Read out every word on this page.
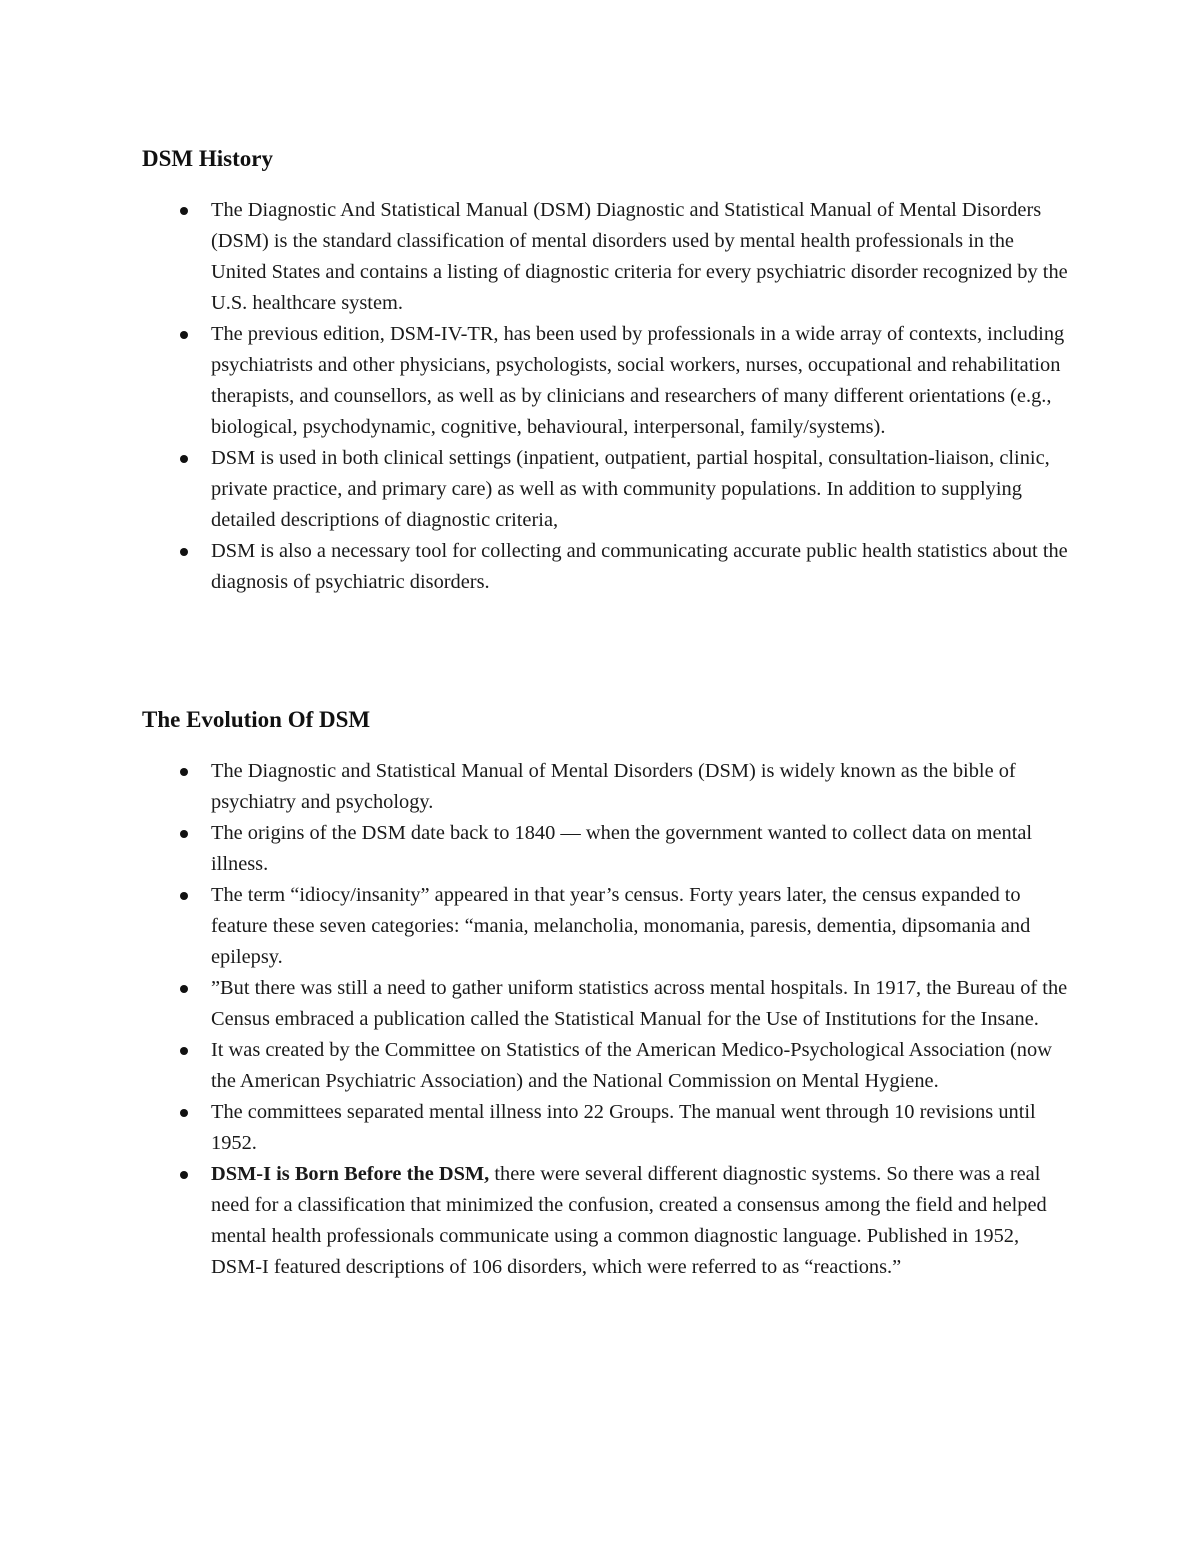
DSM History
The Diagnostic And Statistical Manual (DSM) Diagnostic and Statistical Manual of Mental Disorders (DSM) is the standard classification of mental disorders used by mental health professionals in the United States and contains a listing of diagnostic criteria for every psychiatric disorder recognized by the U.S. healthcare system.
The previous edition, DSM-IV-TR, has been used by professionals in a wide array of contexts, including psychiatrists and other physicians, psychologists, social workers, nurses, occupational and rehabilitation therapists, and counsellors, as well as by clinicians and researchers of many different orientations (e.g., biological, psychodynamic, cognitive, behavioural, interpersonal, family/systems).
DSM is used in both clinical settings (inpatient, outpatient, partial hospital, consultation-liaison, clinic, private practice, and primary care) as well as with community populations. In addition to supplying detailed descriptions of diagnostic criteria,
DSM is also a necessary tool for collecting and communicating accurate public health statistics about the diagnosis of psychiatric disorders.
The Evolution Of DSM
The Diagnostic and Statistical Manual of Mental Disorders (DSM) is widely known as the bible of psychiatry and psychology.
The origins of the DSM date back to 1840 — when the government wanted to collect data on mental illness.
The term “idiocy/insanity” appeared in that year’s census. Forty years later, the census expanded to feature these seven categories: “mania, melancholia, monomania, paresis, dementia, dipsomania and epilepsy.
”But there was still a need to gather uniform statistics across mental hospitals. In 1917, the Bureau of the Census embraced a publication called the Statistical Manual for the Use of Institutions for the Insane.
It was created by the Committee on Statistics of the American Medico-Psychological Association (now the American Psychiatric Association) and the National Commission on Mental Hygiene.
The committees separated mental illness into 22 Groups. The manual went through 10 revisions until 1952.
DSM-I is Born Before the DSM, there were several different diagnostic systems. So there was a real need for a classification that minimized the confusion, created a consensus among the field and helped mental health professionals communicate using a common diagnostic language. Published in 1952, DSM-I featured descriptions of 106 disorders, which were referred to as “reactions.”
